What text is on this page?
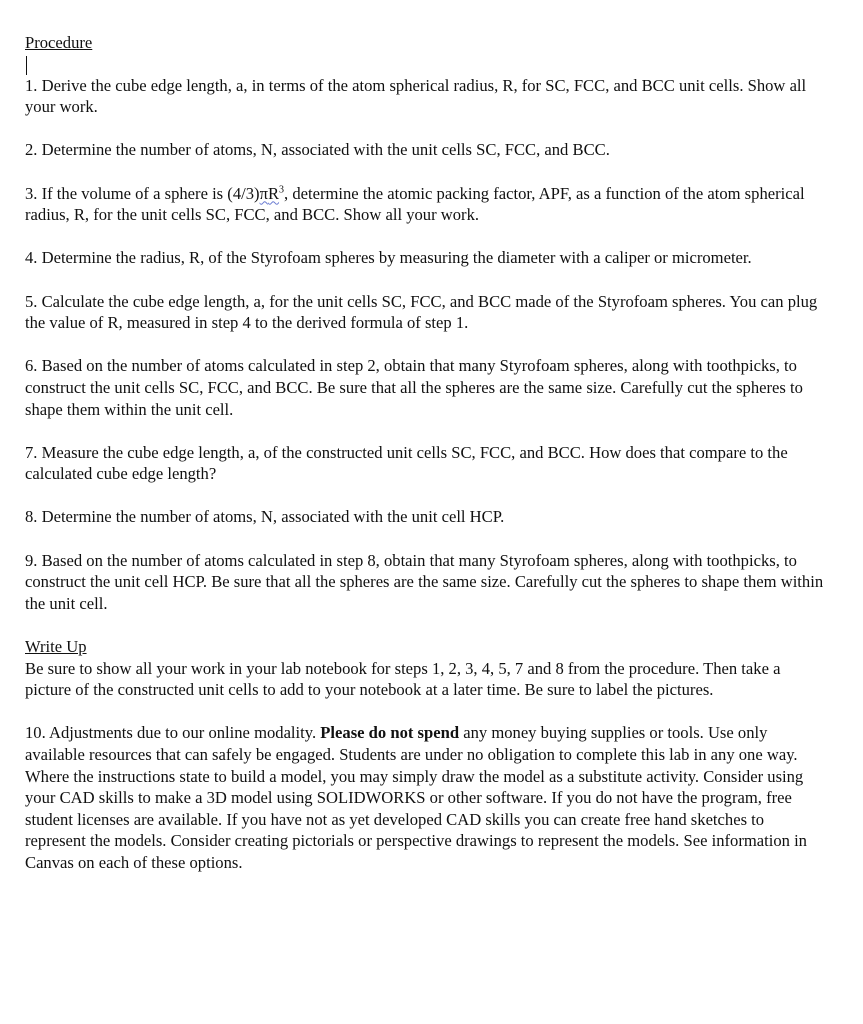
Procedure

1. Derive the cube edge length, a, in terms of the atom spherical radius, R, for SC, FCC, and BCC unit cells. Show all your work.

2. Determine the number of atoms, N, associated with the unit cells SC, FCC, and BCC.

3. If the volume of a sphere is $(4/3)\pi R^3$, determine the atomic packing factor, APF, as a function of the atom spherical radius, R, for the unit cells SC, FCC, and BCC. Show all your work.

4. Determine the radius, R, of the Styrofoam spheres by measuring the diameter with a caliper or micrometer.

5. Calculate the cube edge length, a, for the unit cells SC, FCC, and BCC made of the Styrofoam spheres. You can plug the value of R, measured in step 4 to the derived formula of step 1.

6. Based on the number of atoms calculated in step 2, obtain that many Styrofoam spheres, along with toothpicks, to construct the unit cells SC, FCC, and BCC. Be sure that all the spheres are the same size. Carefully cut the spheres to shape them within the unit cell.

7. Measure the cube edge length, a, of the constructed unit cells SC, FCC, and BCC. How does that compare to the calculated cube edge length?

8. Determine the number of atoms, N, associated with the unit cell HCP.

9. Based on the number of atoms calculated in step 8, obtain that many Styrofoam spheres, along with toothpicks, to construct the unit cell HCP. Be sure that all the spheres are the same size. Carefully cut the spheres to shape them within the unit cell.

Write Up

Be sure to show all your work in your lab notebook for steps 1, 2, 3, 4, 5, 7 and 8 from the procedure. Then take a picture of the constructed unit cells to add to your notebook at a later time. Be sure to label the pictures.

10. Adjustments due to our online modality. Please do not spend any money buying supplies or tools. Use only available resources that can safely be engaged. Students are under no obligation to complete this lab in any one way.

Where the instructions state to build a model, you may simply draw the model as a substitute activity. Consider using your CAD skills to make a 3D model using SOLIDWORKS or other software. If you do not have the program, free student licenses are available. If you have not as yet developed CAD skills you can create free hand sketches to represent the models. Consider creating pictorials or perspective drawings to represent the models. See information in Canvas on each of these options.
